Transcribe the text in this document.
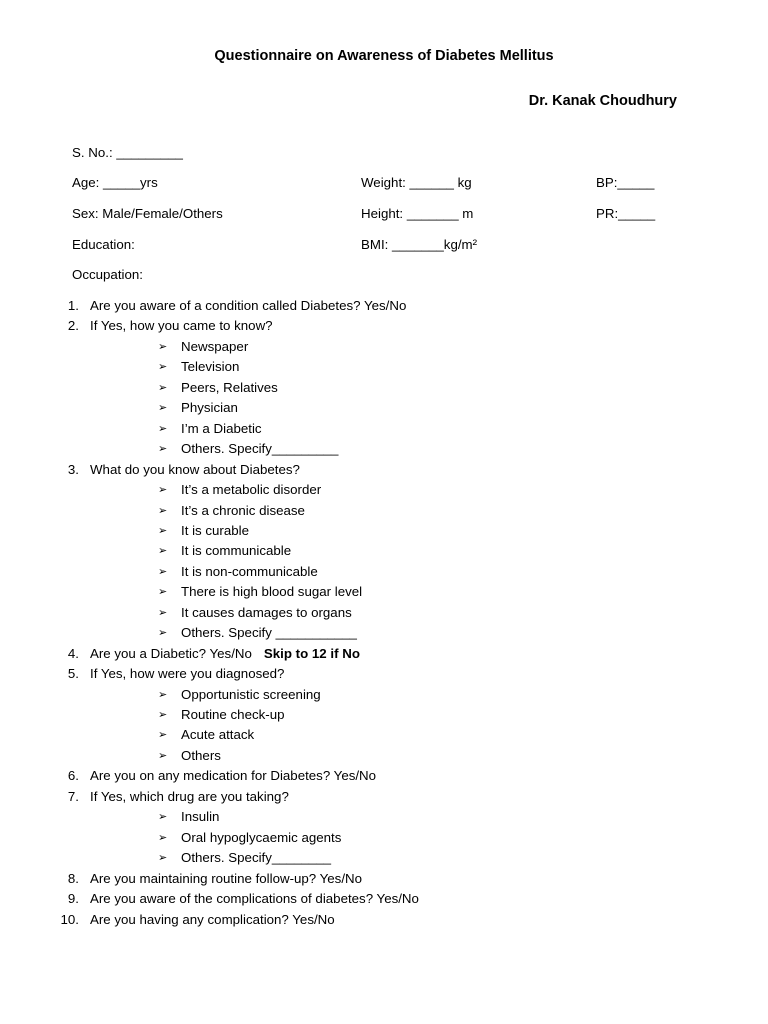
Questionnaire on Awareness of Diabetes Mellitus
Dr. Kanak Choudhury
S. No.: _________
Age: _____yrs	Weight: ______ kg	BP:_____
Sex: Male/Female/Others	Height: _______ m	PR:_____
Education:	BMI: _______kg/m²
Occupation:
1. Are you aware of a condition called Diabetes? Yes/No
2. If Yes, how you came to know?
➢ Newspaper
➢ Television
➢ Peers, Relatives
➢ Physician
➢ I’m a Diabetic
➢ Others. Specify_________
3. What do you know about Diabetes?
➢ It’s a metabolic disorder
➢ It’s a chronic disease
➢ It is curable
➢ It is communicable
➢ It is non-communicable
➢ There is high blood sugar level
➢ It causes damages to organs
➢ Others. Specify ___________
4. Are you a Diabetic? Yes/No Skip to 12 if No
5. If Yes, how were you diagnosed?
➢ Opportunistic screening
➢ Routine check-up
➢ Acute attack
➢ Others
6. Are you on any medication for Diabetes? Yes/No
7. If Yes, which drug are you taking?
➢ Insulin
➢ Oral hypoglycaemic agents
➢ Others. Specify________
8. Are you maintaining routine follow-up? Yes/No
9. Are you aware of the complications of diabetes? Yes/No
10. Are you having any complication? Yes/No
